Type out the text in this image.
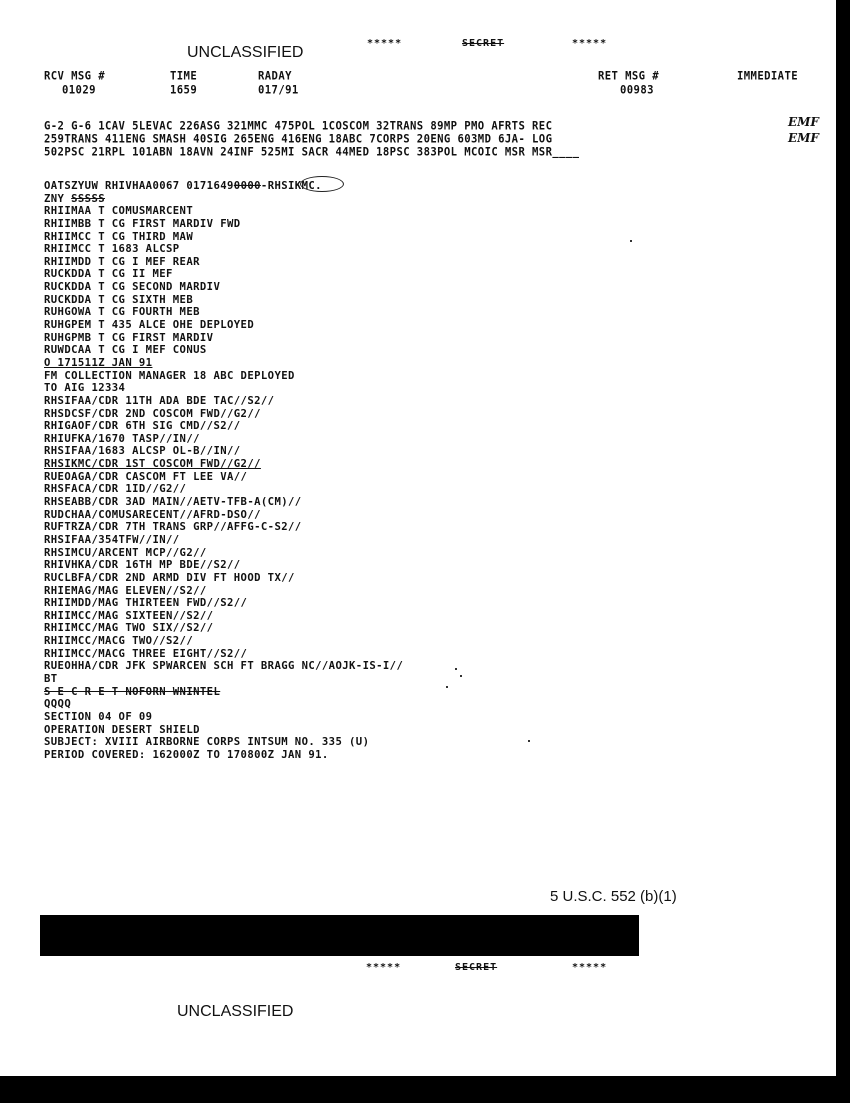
UNCLASSIFIED
*****	SECRET	*****
RCV MSG #	TIME	RADAY	RET MSG #	IMMEDIATE
01029	1659	017/91	00983
G-2 G-6 1CAV 5LEVAC 226ASG 321MMC 475POL 1COSCOM 32TRANS 89MP PMO AFRTS REC
259TRANS 411ENG SMASH 40SIG 265ENG 416ENG 18ABC 7CORPS 20ENG 603MD 6JA- LOG
502PSC 21RPL 101ABN 18AVN 24INF 525MI SACR 44MED 18PSC 383POL MCOIC MSR MSR____
EMF
EMF
OATSZYUW RHIVHAA0067 01716490000-RHSIKMC.
ZNY SSSSS
RHIIMAA T COMUSMARCENT
RHIIMBB T CG FIRST MARDIV FWD
RHIIMCC T CG THIRD MAW
RHIIMCC T 1683 ALCSP
RHIIMDD T CG I MEF REAR
RUCKDDA T CG II MEF
RUCKDDA T CG SECOND MARDIV
RUCKDDA T CG SIXTH MEB
RUHGOWA T CG FOURTH MEB
RUHGPEM T 435 ALCE OHE DEPLOYED
RUHGPMB T CG FIRST MARDIV
RUWDCAA T CG I MEF CONUS
O 171511Z JAN 91
FM COLLECTION MANAGER 18 ABC DEPLOYED
TO AIG 12334
RHSIFAA/CDR 11TH ADA BDE TAC//S2//
RHSDCSF/CDR 2ND COSCOM FWD//G2//
RHIGAOF/CDR 6TH SIG CMD//S2//
RHIUFKA/1670 TASP//IN//
RHSIFAA/1683 ALCSP OL-B//IN//
RHSIKMC/CDR 1ST COSCOM FWD//G2//
RUEOAGA/CDR CASCOM FT LEE VA//
RHSFACA/CDR 1ID//G2//
RHSEABB/CDR 3AD MAIN//AETV-TFB-A(CM)//
RUDCHAA/COMUSARECENT//AFRD-DSO//
RUFTRZA/CDR 7TH TRANS GRP//AFFG-C-S2//
RHSIFAA/354TFW//IN//
RHSIMCU/ARCENT MCP//G2//
RHIVHKA/CDR 16TH MP BDE//S2//
RUCLBFA/CDR 2ND ARMD DIV FT HOOD TX//
RHIEMAG/MAG ELEVEN//S2//
RHIIMDD/MAG THIRTEEN FWD//S2//
RHIIMCC/MAG SIXTEEN//S2//
RHIIMCC/MAG TWO SIX//S2//
RHIIMCC/MACG TWO//S2//
RHIIMCC/MACG THREE EIGHT//S2//
RUEOHHA/CDR JFK SPWARCEN SCH FT BRAGG NC//AOJK-IS-I//
BT
S E C R E T NOFORN WNINTEL
QQQQ
SECTION 04 OF 09
OPERATION DESERT SHIELD
SUBJECT: XVIII AIRBORNE CORPS INTSUM NO. 335 (U)
PERIOD COVERED: 162000Z TO 170800Z JAN 91.
5 U.S.C. 552 (b)(1)
*****	SECRET	*****
UNCLASSIFIED
